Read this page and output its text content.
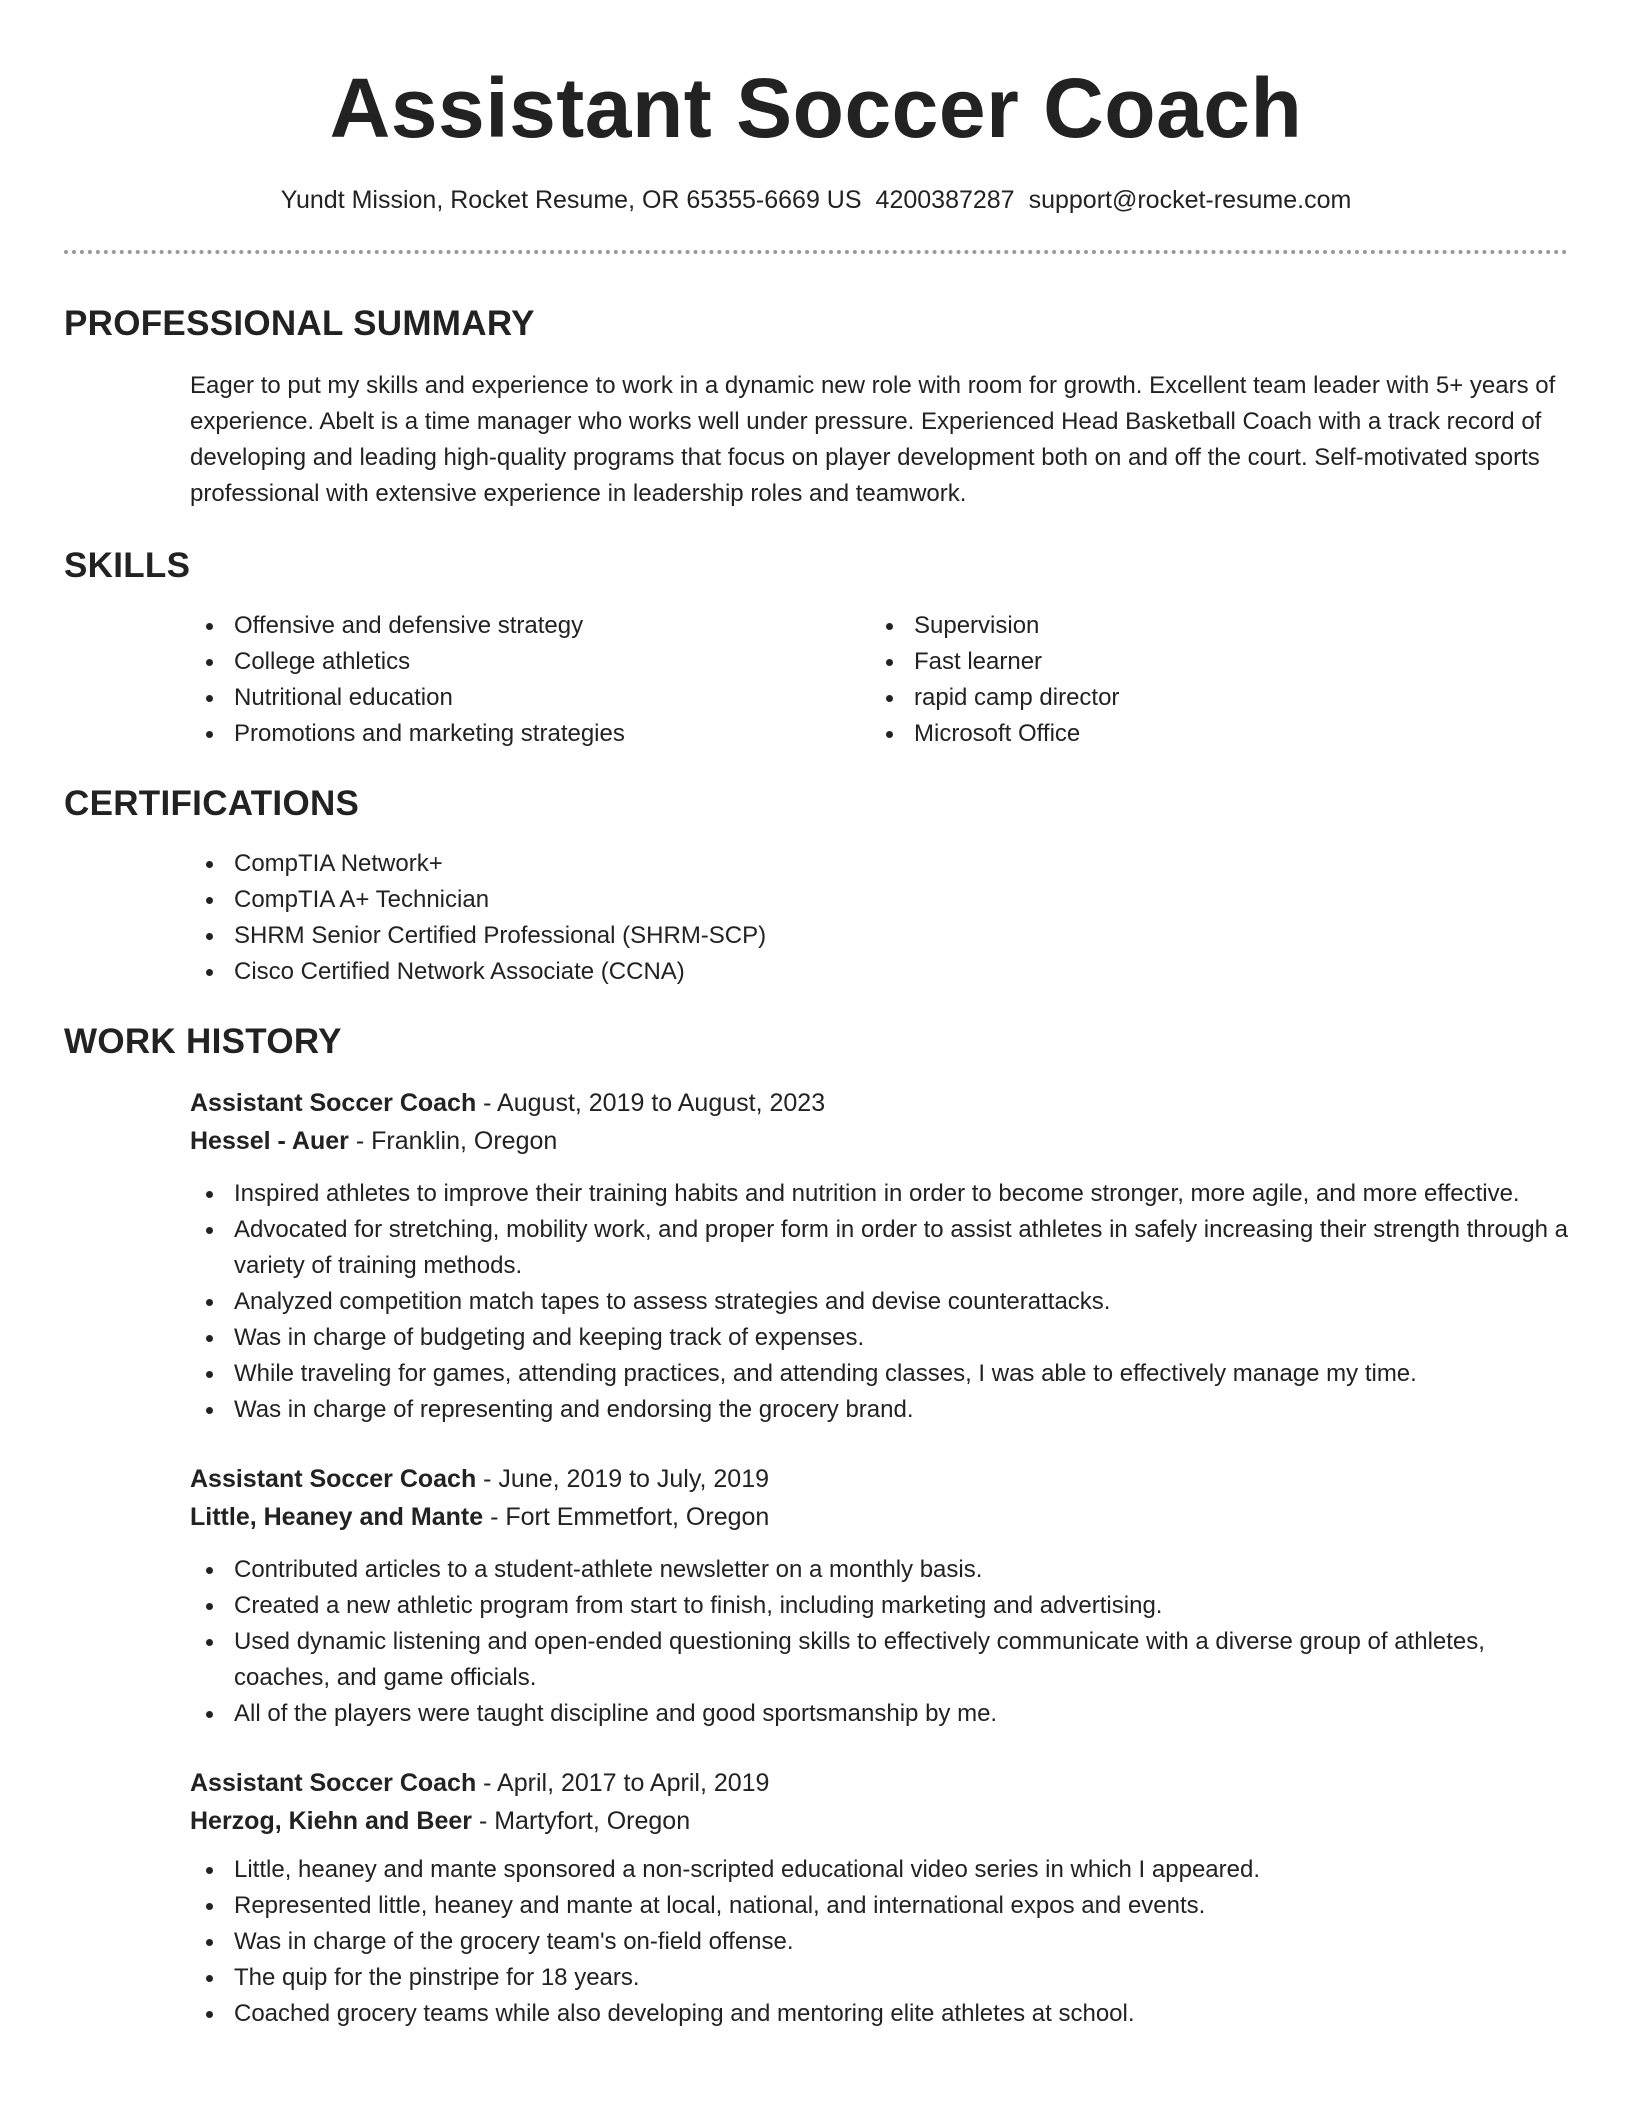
Assistant Soccer Coach
Yundt Mission, Rocket Resume, OR 65355-6669 US 4200387287 support@rocket-resume.com
PROFESSIONAL SUMMARY

Eager to put my skills and experience to work in a dynamic new role with room for growth. Excellent team leader with 5+ years of experience. Abelt is a time manager who works well under pressure. Experienced Head Basketball Coach with a track record of developing and leading high-quality programs that focus on player development both on and off the court. Self-motivated sports professional with extensive experience in leadership roles and teamwork.

SKILLS
Offensive and defensive strategy
College athletics
Nutritional education
Promotions and marketing strategies
Supervision
Fast learner
rapid camp director
Microsoft Office
CERTIFICATIONS
CompTIA Network+
CompTIA A+ Technician
SHRM Senior Certified Professional (SHRM-SCP)
Cisco Certified Network Associate (CCNA)
WORK HISTORY
Assistant Soccer Coach - August, 2019 to August, 2023
Hessel - Auer - Franklin, Oregon
Inspired athletes to improve their training habits and nutrition in order to become stronger, more agile, and more effective.
Advocated for stretching, mobility work, and proper form in order to assist athletes in safely increasing their strength through a variety of training methods.
Analyzed competition match tapes to assess strategies and devise counterattacks.
Was in charge of budgeting and keeping track of expenses.
While traveling for games, attending practices, and attending classes, I was able to effectively manage my time.
Was in charge of representing and endorsing the grocery brand.
Assistant Soccer Coach - June, 2019 to July, 2019
Little, Heaney and Mante - Fort Emmetfort, Oregon
Contributed articles to a student-athlete newsletter on a monthly basis.
Created a new athletic program from start to finish, including marketing and advertising.
Used dynamic listening and open-ended questioning skills to effectively communicate with a diverse group of athletes, coaches, and game officials.
All of the players were taught discipline and good sportsmanship by me.
Assistant Soccer Coach - April, 2017 to April, 2019
Herzog, Kiehn and Beer - Martyfort, Oregon
Little, heaney and mante sponsored a non-scripted educational video series in which I appeared.
Represented little, heaney and mante at local, national, and international expos and events.
Was in charge of the grocery team's on-field offense.
The quip for the pinstripe for 18 years.
Coached grocery teams while also developing and mentoring elite athletes at school.
